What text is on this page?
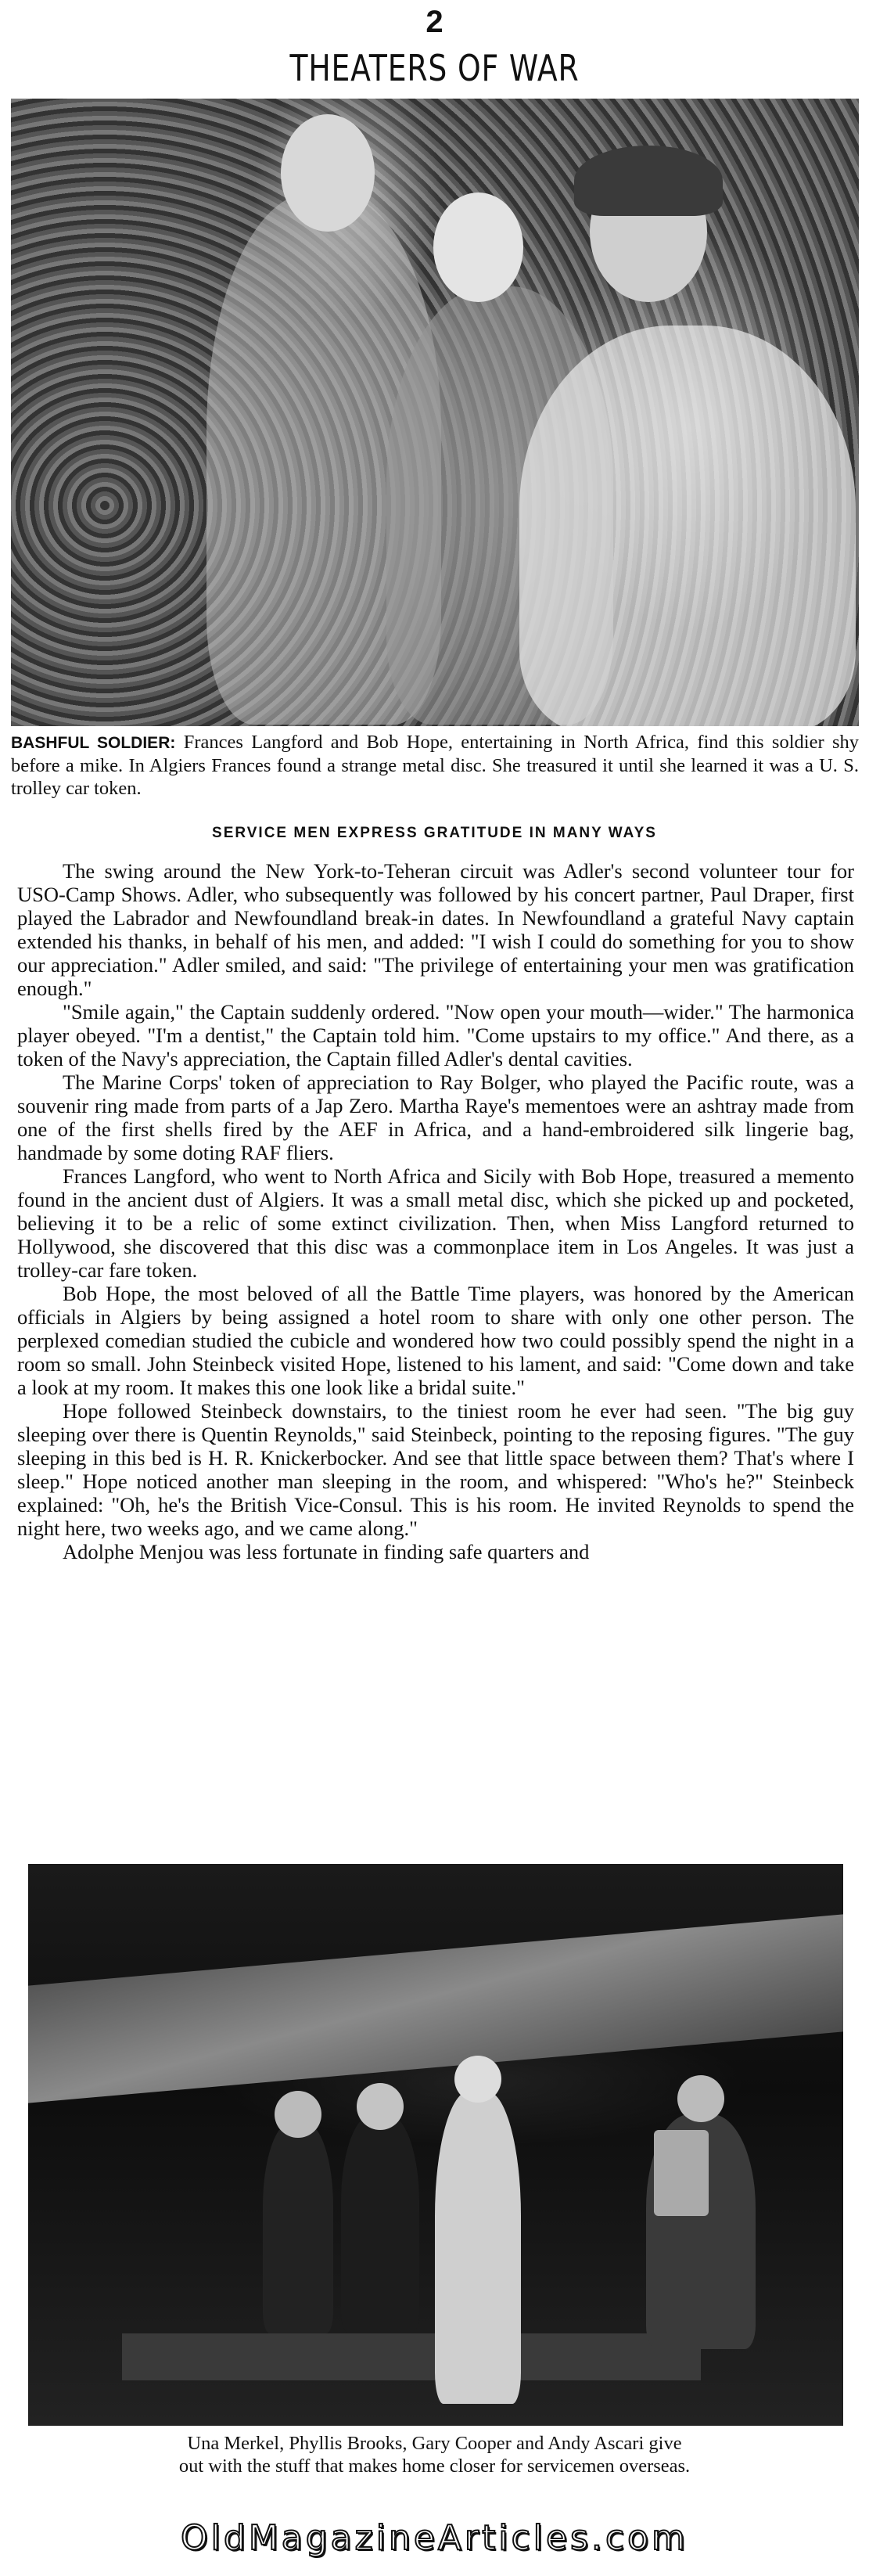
2
THEATERS OF WAR
BASHFUL SOLDIER: Frances Langford and Bob Hope, entertaining in North Africa, find this soldier shy before a mike. In Algiers Frances found a strange metal disc. She treasured it until she learned it was a U. S. trolley car token.
SERVICE MEN EXPRESS GRATITUDE IN MANY WAYS

The swing around the New York-to-Teheran circuit was Adler's second volunteer tour for USO-Camp Shows. Adler, who subsequently was followed by his concert partner, Paul Draper, first played the Labrador and Newfoundland break-in dates. In Newfoundland a grateful Navy captain extended his thanks, in behalf of his men, and added: "I wish I could do something for you to show our appreciation." Adler smiled, and said: "The privilege of entertaining your men was gratification enough."

"Smile again," the Captain suddenly ordered. "Now open your mouth—wider." The harmonica player obeyed. "I'm a dentist," the Captain told him. "Come upstairs to my office." And there, as a token of the Navy's appreciation, the Captain filled Adler's dental cavities.

The Marine Corps' token of appreciation to Ray Bolger, who played the Pacific route, was a souvenir ring made from parts of a Jap Zero. Martha Raye's mementoes were an ashtray made from one of the first shells fired by the AEF in Africa, and a hand-embroidered silk lingerie bag, handmade by some doting RAF fliers.

Frances Langford, who went to North Africa and Sicily with Bob Hope, treasured a memento found in the ancient dust of Algiers. It was a small metal disc, which she picked up and pocketed, believing it to be a relic of some extinct civilization. Then, when Miss Langford returned to Hollywood, she discovered that this disc was a commonplace item in Los Angeles. It was just a trolley-car fare token.

Bob Hope, the most beloved of all the Battle Time players, was honored by the American officials in Algiers by being assigned a hotel room to share with only one other person. The perplexed comedian studied the cubicle and wondered how two could possibly spend the night in a room so small. John Steinbeck visited Hope, listened to his lament, and said: "Come down and take a look at my room. It makes this one look like a bridal suite."

Hope followed Steinbeck downstairs, to the tiniest room he ever had seen. "The big guy sleeping over there is Quentin Reynolds," said Steinbeck, pointing to the reposing figures. "The guy sleeping in this bed is H. R. Knickerbocker. And see that little space between them? That's where I sleep." Hope noticed another man sleeping in the room, and whispered: "Who's he?" Steinbeck explained: "Oh, he's the British Vice-Consul. This is his room. He invited Reynolds to spend the night here, two weeks ago, and we came along."

Adolphe Menjou was less fortunate in finding safe quarters and

Una Merkel, Phyllis Brooks, Gary Cooper and Andy Ascari give
out with the stuff that makes home closer for servicemen overseas.
OldMagazineArticles.com
